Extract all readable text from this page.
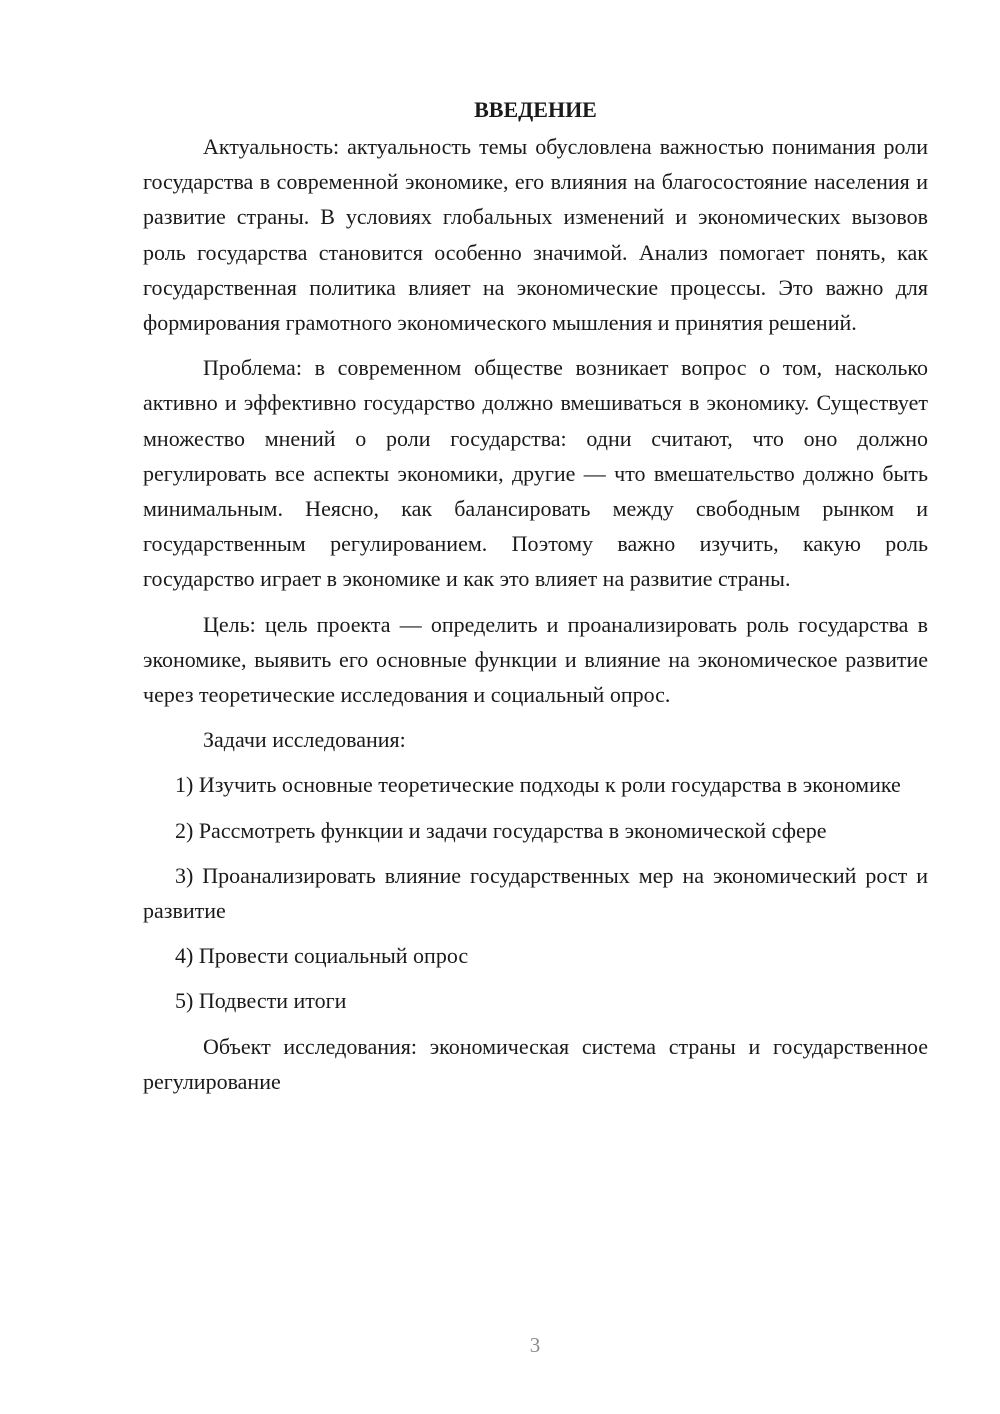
ВВЕДЕНИЕ

Актуальность: актуальность темы обусловлена важностью понимания роли государства в современной экономике, его влияния на благосостояние населения и развитие страны. В условиях глобальных изменений и экономических вызовов роль государства становится особенно значимой. Анализ помогает понять, как государственная политика влияет на экономические процессы. Это важно для формирования грамотного экономического мышления и принятия решений.

Проблема: в современном обществе возникает вопрос о том, насколько активно и эффективно государство должно вмешиваться в экономику. Существует множество мнений о роли государства: одни считают, что оно должно регулировать все аспекты экономики, другие — что вмешательство должно быть минимальным. Неясно, как балансировать между свободным рынком и государственным регулированием. Поэтому важно изучить, какую роль государство играет в экономике и как это влияет на развитие страны.

Цель: цель проекта — определить и проанализировать роль государства в экономике, выявить его основные функции и влияние на экономическое развитие через теоретические исследования и социальный опрос.

Задачи исследования:

1) Изучить основные теоретические подходы к роли государства в экономике

2) Рассмотреть функции и задачи государства в экономической сфере

3) Проанализировать влияние государственных мер на экономический рост и развитие

4) Провести социальный опрос

5) Подвести итоги

Объект исследования: экономическая система страны и государственное регулирование

3
